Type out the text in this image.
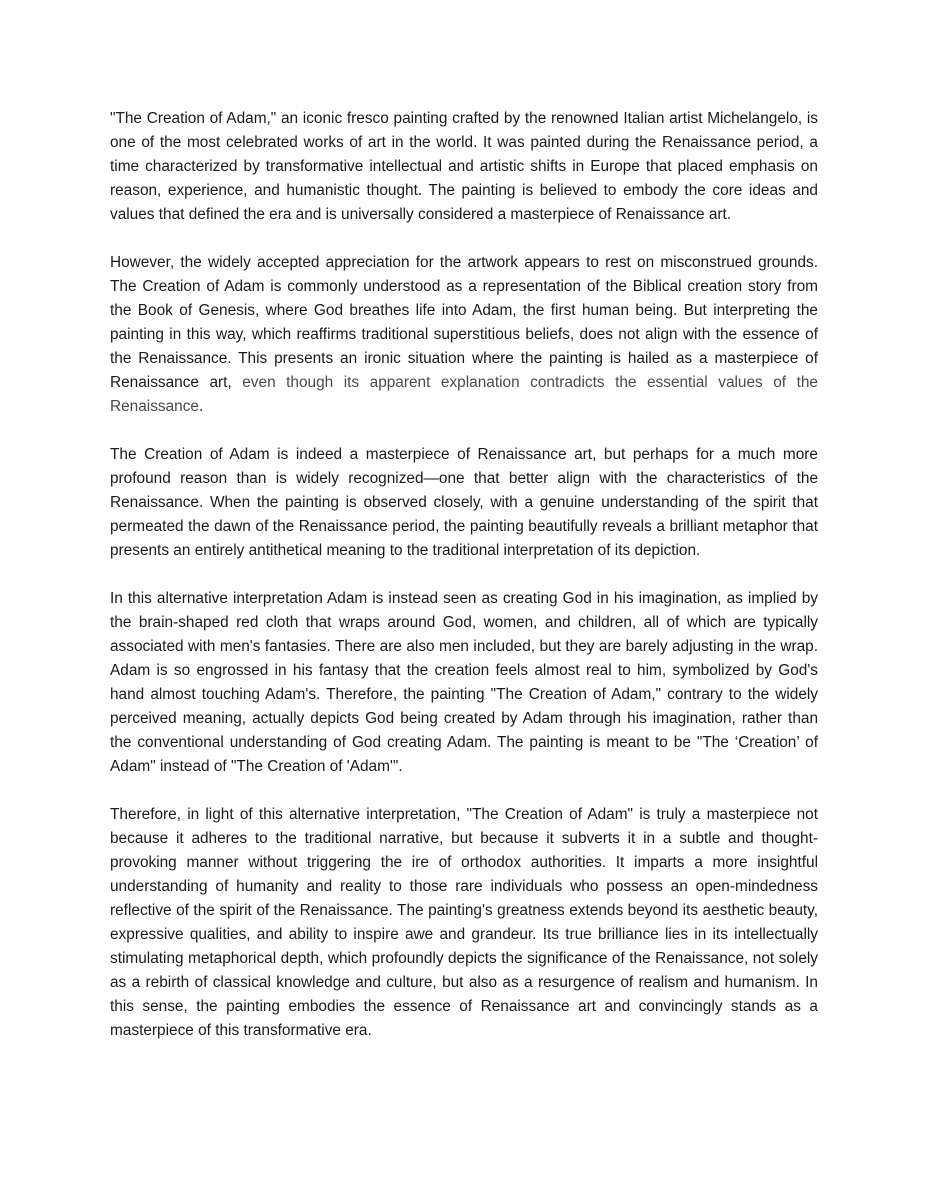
"The Creation of Adam," an iconic fresco painting crafted by the renowned Italian artist Michelangelo, is one of the most celebrated works of art in the world. It was painted during the Renaissance period, a time characterized by transformative intellectual and artistic shifts in Europe that placed emphasis on reason, experience, and humanistic thought. The painting is believed to embody the core ideas and values that defined the era and is universally considered a masterpiece of Renaissance art.

However, the widely accepted appreciation for the artwork appears to rest on misconstrued grounds. The Creation of Adam is commonly understood as a representation of the Biblical creation story from the Book of Genesis, where God breathes life into Adam, the first human being. But interpreting the painting in this way, which reaffirms traditional superstitious beliefs, does not align with the essence of the Renaissance. This presents an ironic situation where the painting is hailed as a masterpiece of Renaissance art, even though its apparent explanation contradicts the essential values of the Renaissance.

The Creation of Adam is indeed a masterpiece of Renaissance art, but perhaps for a much more profound reason than is widely recognized—one that better align with the characteristics of the Renaissance. When the painting is observed closely, with a genuine understanding of the spirit that permeated the dawn of the Renaissance period, the painting beautifully reveals a brilliant metaphor that presents an entirely antithetical meaning to the traditional interpretation of its depiction.

In this alternative interpretation Adam is instead seen as creating God in his imagination, as implied by the brain-shaped red cloth that wraps around God, women, and children, all of which are typically associated with men's fantasies. There are also men included, but they are barely adjusting in the wrap. Adam is so engrossed in his fantasy that the creation feels almost real to him, symbolized by God's hand almost touching Adam's. Therefore, the painting "The Creation of Adam," contrary to the widely perceived meaning, actually depicts God being created by Adam through his imagination, rather than the conventional understanding of God creating Adam. The painting is meant to be "The ‘Creation’ of Adam" instead of "The Creation of 'Adam'".

Therefore, in light of this alternative interpretation, "The Creation of Adam" is truly a masterpiece not because it adheres to the traditional narrative, but because it subverts it in a subtle and thought-provoking manner without triggering the ire of orthodox authorities. It imparts a more insightful understanding of humanity and reality to those rare individuals who possess an open-mindedness reflective of the spirit of the Renaissance. The painting's greatness extends beyond its aesthetic beauty, expressive qualities, and ability to inspire awe and grandeur. Its true brilliance lies in its intellectually stimulating metaphorical depth, which profoundly depicts the significance of the Renaissance, not solely as a rebirth of classical knowledge and culture, but also as a resurgence of realism and humanism. In this sense, the painting embodies the essence of Renaissance art and convincingly stands as a masterpiece of this transformative era.
